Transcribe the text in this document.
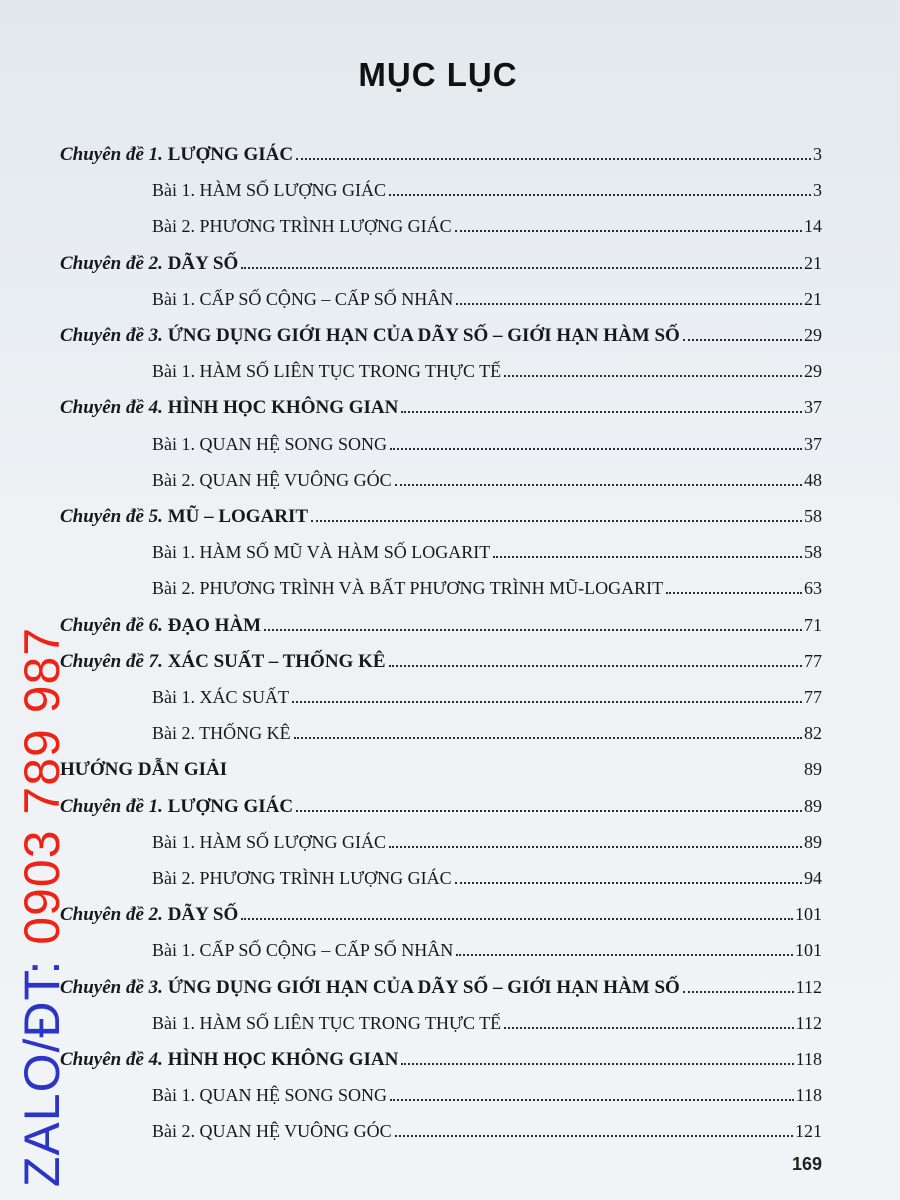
MỤC LỤC
Chuyên đề 1. LƯỢNG GIÁC	3
Bài 1. HÀM SỐ LƯỢNG GIÁC	3
Bài 2. PHƯƠNG TRÌNH LƯỢNG GIÁC	14
Chuyên đề 2. DÃY SỐ	21
Bài 1. CẤP SỐ CỘNG – CẤP SỐ NHÂN	21
Chuyên đề 3. ỨNG DỤNG GIỚI HẠN CỦA DÃY SỐ – GIỚI HẠN HÀM SỐ	29
Bài 1. HÀM SỐ LIÊN TỤC TRONG THỰC TẾ	29
Chuyên đề 4. HÌNH HỌC KHÔNG GIAN	37
Bài 1. QUAN HỆ SONG SONG	37
Bài 2. QUAN HỆ VUÔNG GÓC	48
Chuyên đề 5. MŨ – LOGARIT	58
Bài 1. HÀM SỐ MŨ VÀ HÀM SỐ LOGARIT	58
Bài 2. PHƯƠNG TRÌNH VÀ BẤT PHƯƠNG TRÌNH MŨ-LOGARIT	63
Chuyên đề 6. ĐẠO HÀM	71
Chuyên đề 7. XÁC SUẤT – THỐNG KÊ	77
Bài 1. XÁC SUẤT	77
Bài 2. THỐNG KÊ	82
HƯỚNG DẪN GIẢI	89
Chuyên đề 1. LƯỢNG GIÁC	89
Bài 1. HÀM SỐ LƯỢNG GIÁC	89
Bài 2. PHƯƠNG TRÌNH LƯỢNG GIÁC	94
Chuyên đề 2. DÃY SỐ	101
Bài 1. CẤP SỐ CỘNG – CẤP SỐ NHÂN	101
Chuyên đề 3. ỨNG DỤNG GIỚI HẠN CỦA DÃY SỐ – GIỚI HẠN HÀM SỐ	112
Bài 1. HÀM SỐ LIÊN TỤC TRONG THỰC TẾ	112
Chuyên đề 4. HÌNH HỌC KHÔNG GIAN	118
Bài 1. QUAN HỆ SONG SONG	118
Bài 2. QUAN HỆ VUÔNG GÓC	121
169
ZALO/ĐT: 0903 789 987
